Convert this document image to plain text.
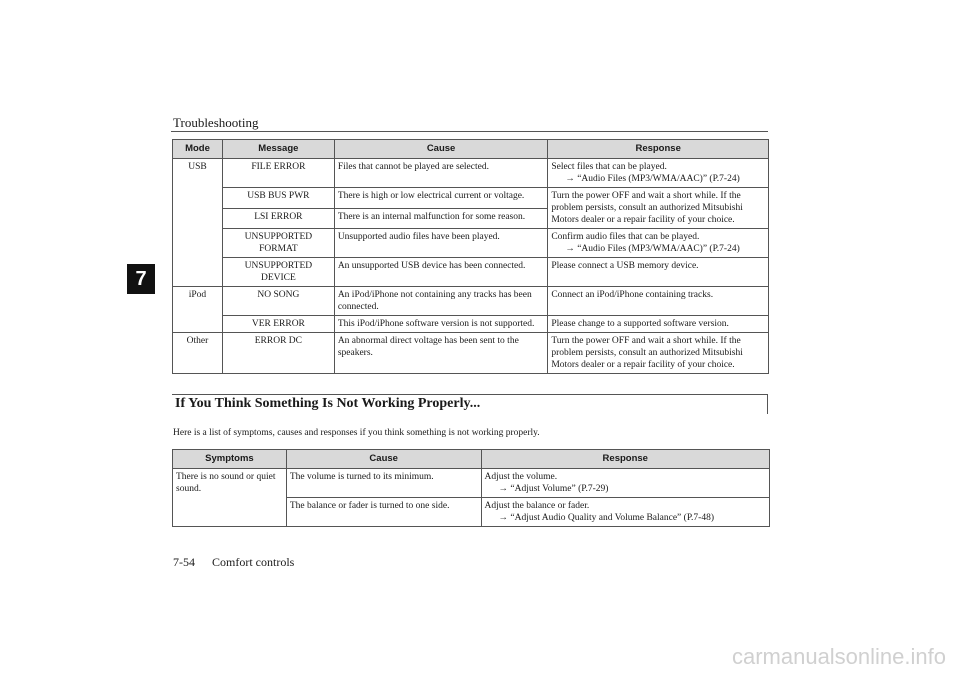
Troubleshooting
7
Mode	Message	Cause	Response
USB	FILE ERROR	Files that cannot be played are selected.	Select files that can be played.
→ “Audio Files (MP3/WMA/AAC)” (P.7-24)

	USB BUS PWR	There is high or low electrical current or voltage.	Turn the power OFF and wait a short while. If the problem persists, consult an authorized Mitsubishi Motors dealer or a repair facility of your choice.
	LSI ERROR	There is an internal malfunction for some reason.	
	UNSUPPORTED
FORMAT	Unsupported audio files have been played.	Confirm audio files that can be played.
→ “Audio Files (MP3/WMA/AAC)” (P.7-24)

	UNSUPPORTED
DEVICE	An unsupported USB device has been connected.	Please connect a USB memory device.
iPod	NO SONG	An iPod/iPhone not containing any tracks has been connected.	Connect an iPod/iPhone containing tracks.
	VER ERROR	This iPod/iPhone software version is not supported.	Please change to a supported software version.
Other	ERROR DC	An abnormal direct voltage has been sent to the speakers.	Turn the power OFF and wait a short while. If the problem persists, consult an authorized Mitsubishi Motors dealer or a repair facility of your choice.
If You Think Something Is Not Working Properly...
Here is a list of symptoms, causes and responses if you think something is not working properly.
Symptoms	Cause	Response
There is no sound or quiet sound.	The volume is turned to its minimum.	Adjust the volume.
→ “Adjust Volume” (P.7-29)

	The balance or fader is turned to one side.	Adjust the balance or fader.
→ “Adjust Audio Quality and Volume Balance” (P.7-48)
7-54 Comfort controls
carmanualsonline.info
